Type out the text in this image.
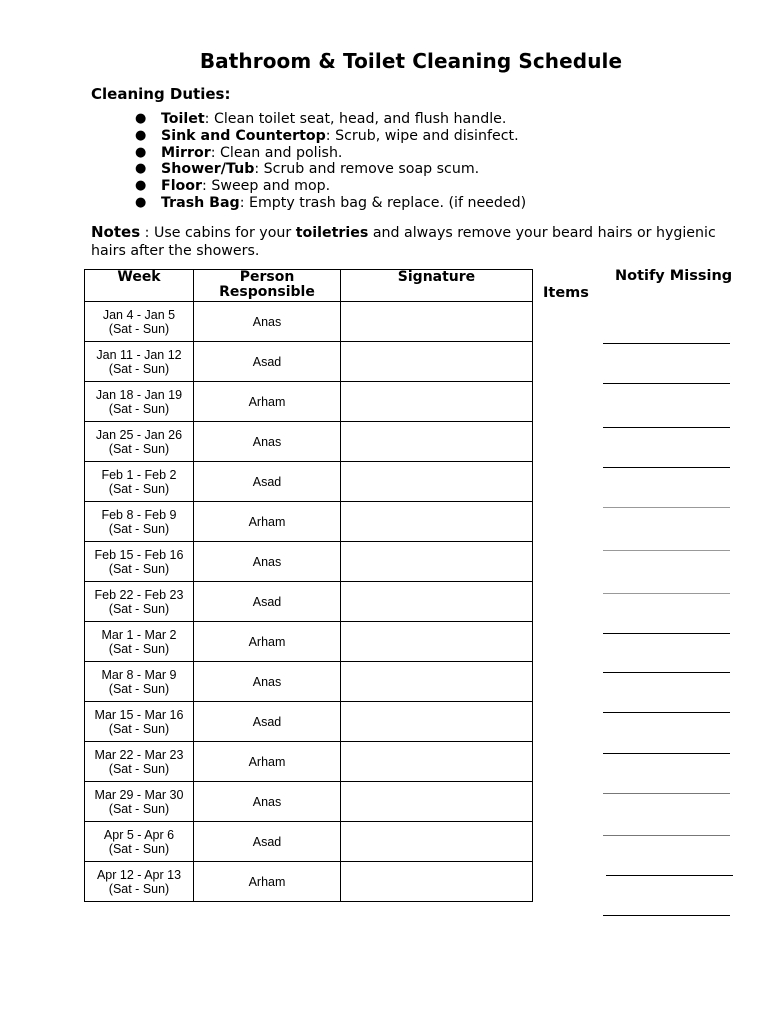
Bathroom & Toilet Cleaning Schedule
Cleaning Duties:
● Toilet: Clean toilet seat, head, and flush handle.
● Sink and Countertop: Scrub, wipe and disinfect.
● Mirror: Clean and polish.
● Shower/Tub: Scrub and remove soap scum.
● Floor: Sweep and mop.
● Trash Bag: Empty trash bag & replace. (if needed)
Notes : Use cabins for your toiletries and always remove your beard hairs or hygienic hairs after the showers.
Week	Person Responsible	Signature

Jan 4 - Jan 5
(Sat - Sun)	Anas	

Jan 11 - Jan 12
(Sat - Sun)	Asad	

Jan 18 - Jan 19
(Sat - Sun)	Arham	

Jan 25 - Jan 26
(Sat - Sun)	Anas	

Feb 1 - Feb 2
(Sat - Sun)	Asad	

Feb 8 - Feb 9
(Sat - Sun)	Arham	

Feb 15 - Feb 16
(Sat - Sun)	Anas	

Feb 22 - Feb 23
(Sat - Sun)	Asad	

Mar 1 - Mar 2
(Sat - Sun)	Arham	

Mar 8 - Mar 9
(Sat - Sun)	Anas	

Mar 15 - Mar 16
(Sat - Sun)	Asad	

Mar 22 - Mar 23
(Sat - Sun)	Arham	

Mar 29 - Mar 30
(Sat - Sun)	Anas	

Apr 5 - Apr 6
(Sat - Sun)	Asad	

Apr 12 - Apr 13
(Sat - Sun)	Arham	
Notify Missing
Items
